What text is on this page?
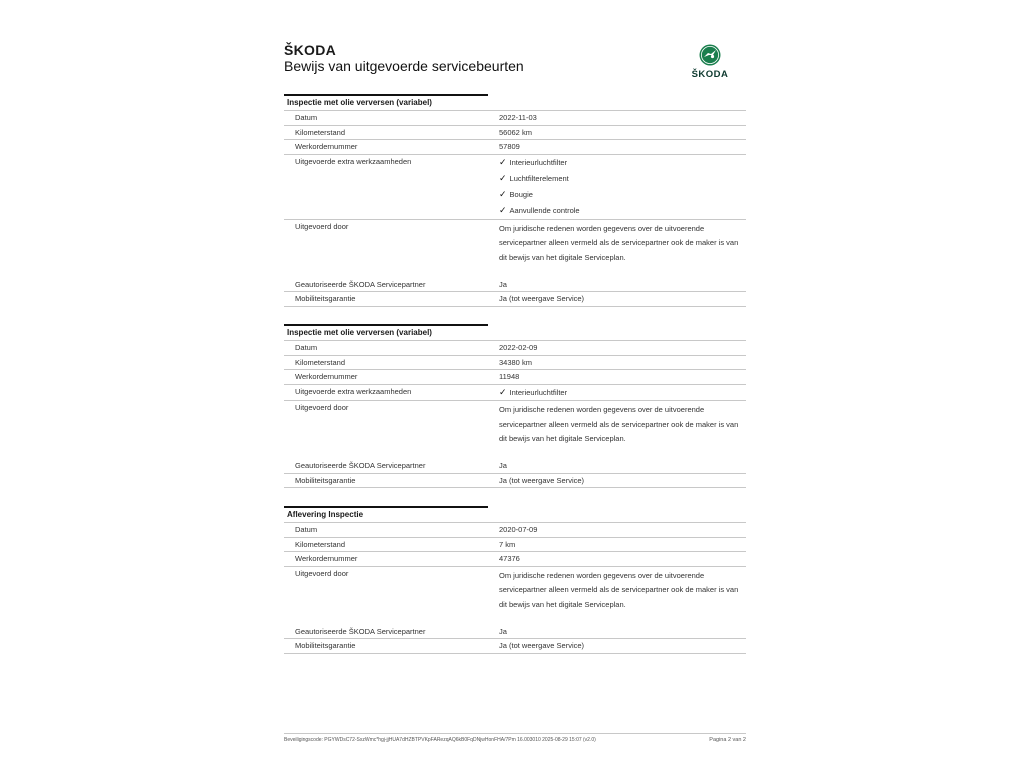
ŠKODA
Bewijs van uitgevoerde servicebeurten
ŠKODA
Inspectie met olie verversen (variabel)
Datum	2022-11-03
Kilometerstand	56062 km
Werkordernummer	57809
Uitgevoerde extra werkzaamheden	✓ Interieurluchtfilter
✓ Luchtfilterelement
✓ Bougie
✓ Aanvullende controle
Uitgevoerd door	Om juridische redenen worden gegevens over de uitvoerende servicepartner alleen vermeld als de servicepartner ook de maker is van dit bewijs van het digitale Serviceplan.
Geautoriseerde ŠKODA Servicepartner	Ja
Mobiliteitsgarantie	Ja (tot weergave Service)
Inspectie met olie verversen (variabel)
Datum	2022-02-09
Kilometerstand	34380 km
Werkordernummer	11948
Uitgevoerde extra werkzaamheden	✓ Interieurluchtfilter
Uitgevoerd door	Om juridische redenen worden gegevens over de uitvoerende servicepartner alleen vermeld als de servicepartner ook de maker is van dit bewijs van het digitale Serviceplan.
Geautoriseerde ŠKODA Servicepartner	Ja
Mobiliteitsgarantie	Ja (tot weergave Service)
Aflevering Inspectie
Datum	2020-07-09
Kilometerstand	7 km
Werkordernummer	47376
Uitgevoerd door	Om juridische redenen worden gegevens over de uitvoerende servicepartner alleen vermeld als de servicepartner ook de maker is van dit bewijs van het digitale Serviceplan.
Geautoriseerde ŠKODA Servicepartner	Ja
Mobiliteitsgarantie	Ja (tot weergave Service)
Beveiligingscode: PGYWDsC72-SxzWmc*hgj-jjHUA7dHZBTPVKpFARezqAQ6kB0FqDNjwHonFHA/7Pm 16.003010 2025-08-29 15:07 (v2.0)	Pagina 2 van 2
